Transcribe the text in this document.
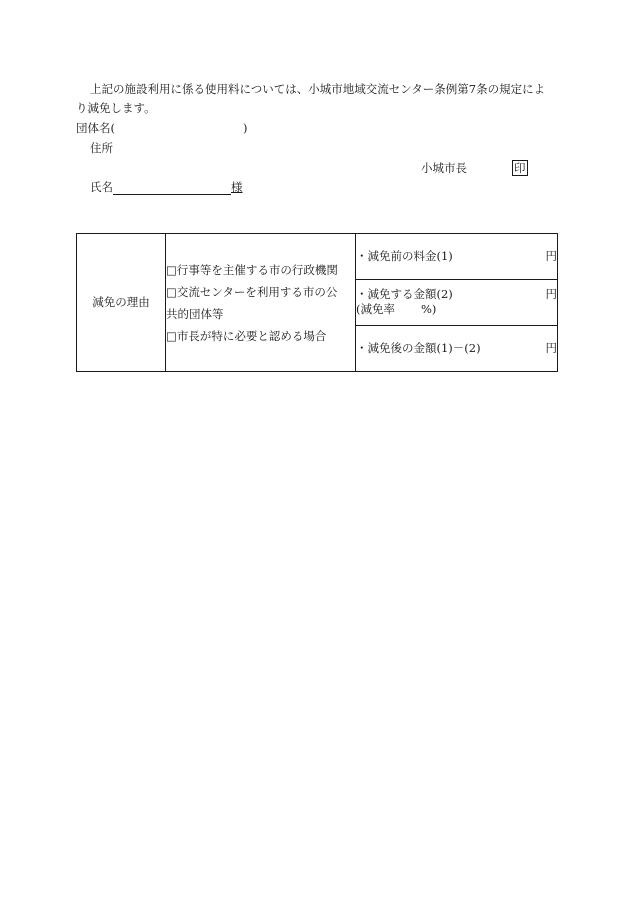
上記の施設利用に係る使用料については、小城市地域交流センター条例第7条の規定によ
り減免します。
団体名(	)
住所
小城市長	印
氏名	様
減免の理由	
□行事等を主催する市の行政機関
□交流センターを利用する市の公
共的団体等
□市長が特に必要と認める場合

・減免前の料金(1)	円

・減免する金額(2)	円
(減免率 %)

・減免後の金額(1)－(2)	円
